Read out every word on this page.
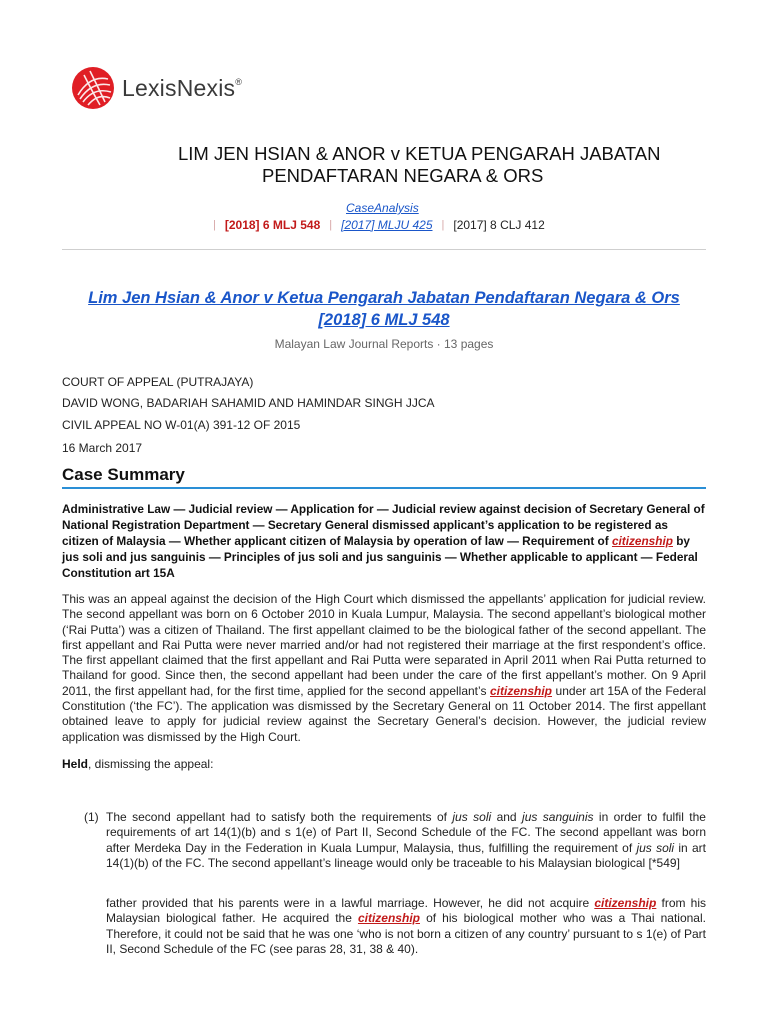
LexisNexis®
LIM JEN HSIAN & ANOR v KETUA PENGARAH JABATAN
PENDAFTARAN NEGARA & ORS
CaseAnalysis
| [2018] 6 MLJ 548 | [2017] MLJU 425 | [2017] 8 CLJ 412
Lim Jen Hsian & Anor v Ketua Pengarah Jabatan Pendaftaran Negara & Ors
[2018] 6 MLJ 548
Malayan Law Journal Reports · 13 pages
COURT OF APPEAL (PUTRAJAYA)
DAVID WONG, BADARIAH SAHAMID AND HAMINDAR SINGH JJCA
CIVIL APPEAL NO W-01(A) 391-12 OF 2015
16 March 2017
Case Summary
Administrative Law — Judicial review — Application for — Judicial review against decision of Secretary General of National Registration Department — Secretary General dismissed applicant’s application to be registered as citizen of Malaysia — Whether applicant citizen of Malaysia by operation of law — Requirement of citizenship by jus soli and jus sanguinis — Principles of jus soli and jus sanguinis — Whether applicable to applicant — Federal Constitution art 15A
This was an appeal against the decision of the High Court which dismissed the appellants’ application for judicial review. The second appellant was born on 6 October 2010 in Kuala Lumpur, Malaysia. The second appellant’s biological mother (‘Rai Putta’) was a citizen of Thailand. The first appellant claimed to be the biological father of the second appellant. The first appellant and Rai Putta were never married and/or had not registered their marriage at the first respondent’s office. The first appellant claimed that the first appellant and Rai Putta were separated in April 2011 when Rai Putta returned to Thailand for good. Since then, the second appellant had been under the care of the first appellant’s mother. On 9 April 2011, the first appellant had, for the first time, applied for the second appellant’s citizenship under art 15A of the Federal Constitution (‘the FC’). The application was dismissed by the Secretary General on 11 October 2014. The first appellant obtained leave to apply for judicial review against the Secretary General’s decision. However, the judicial review application was dismissed by the High Court.
Held, dismissing the appeal:
(1) The second appellant had to satisfy both the requirements of jus soli and jus sanguinis in order to fulfil the requirements of art 14(1)(b) and s 1(e) of Part II, Second Schedule of the FC. The second appellant was born after Merdeka Day in the Federation in Kuala Lumpur, Malaysia, thus, fulfilling the requirement of jus soli in art 14(1)(b) of the FC. The second appellant’s lineage would only be traceable to his Malaysian biological [*549]
father provided that his parents were in a lawful marriage. However, he did not acquire citizenship from his Malaysian biological father. He acquired the citizenship of his biological mother who was a Thai national. Therefore, it could not be said that he was one ‘who is not born a citizen of any country’ pursuant to s 1(e) of Part II, Second Schedule of the FC (see paras 28, 31, 38 & 40).
